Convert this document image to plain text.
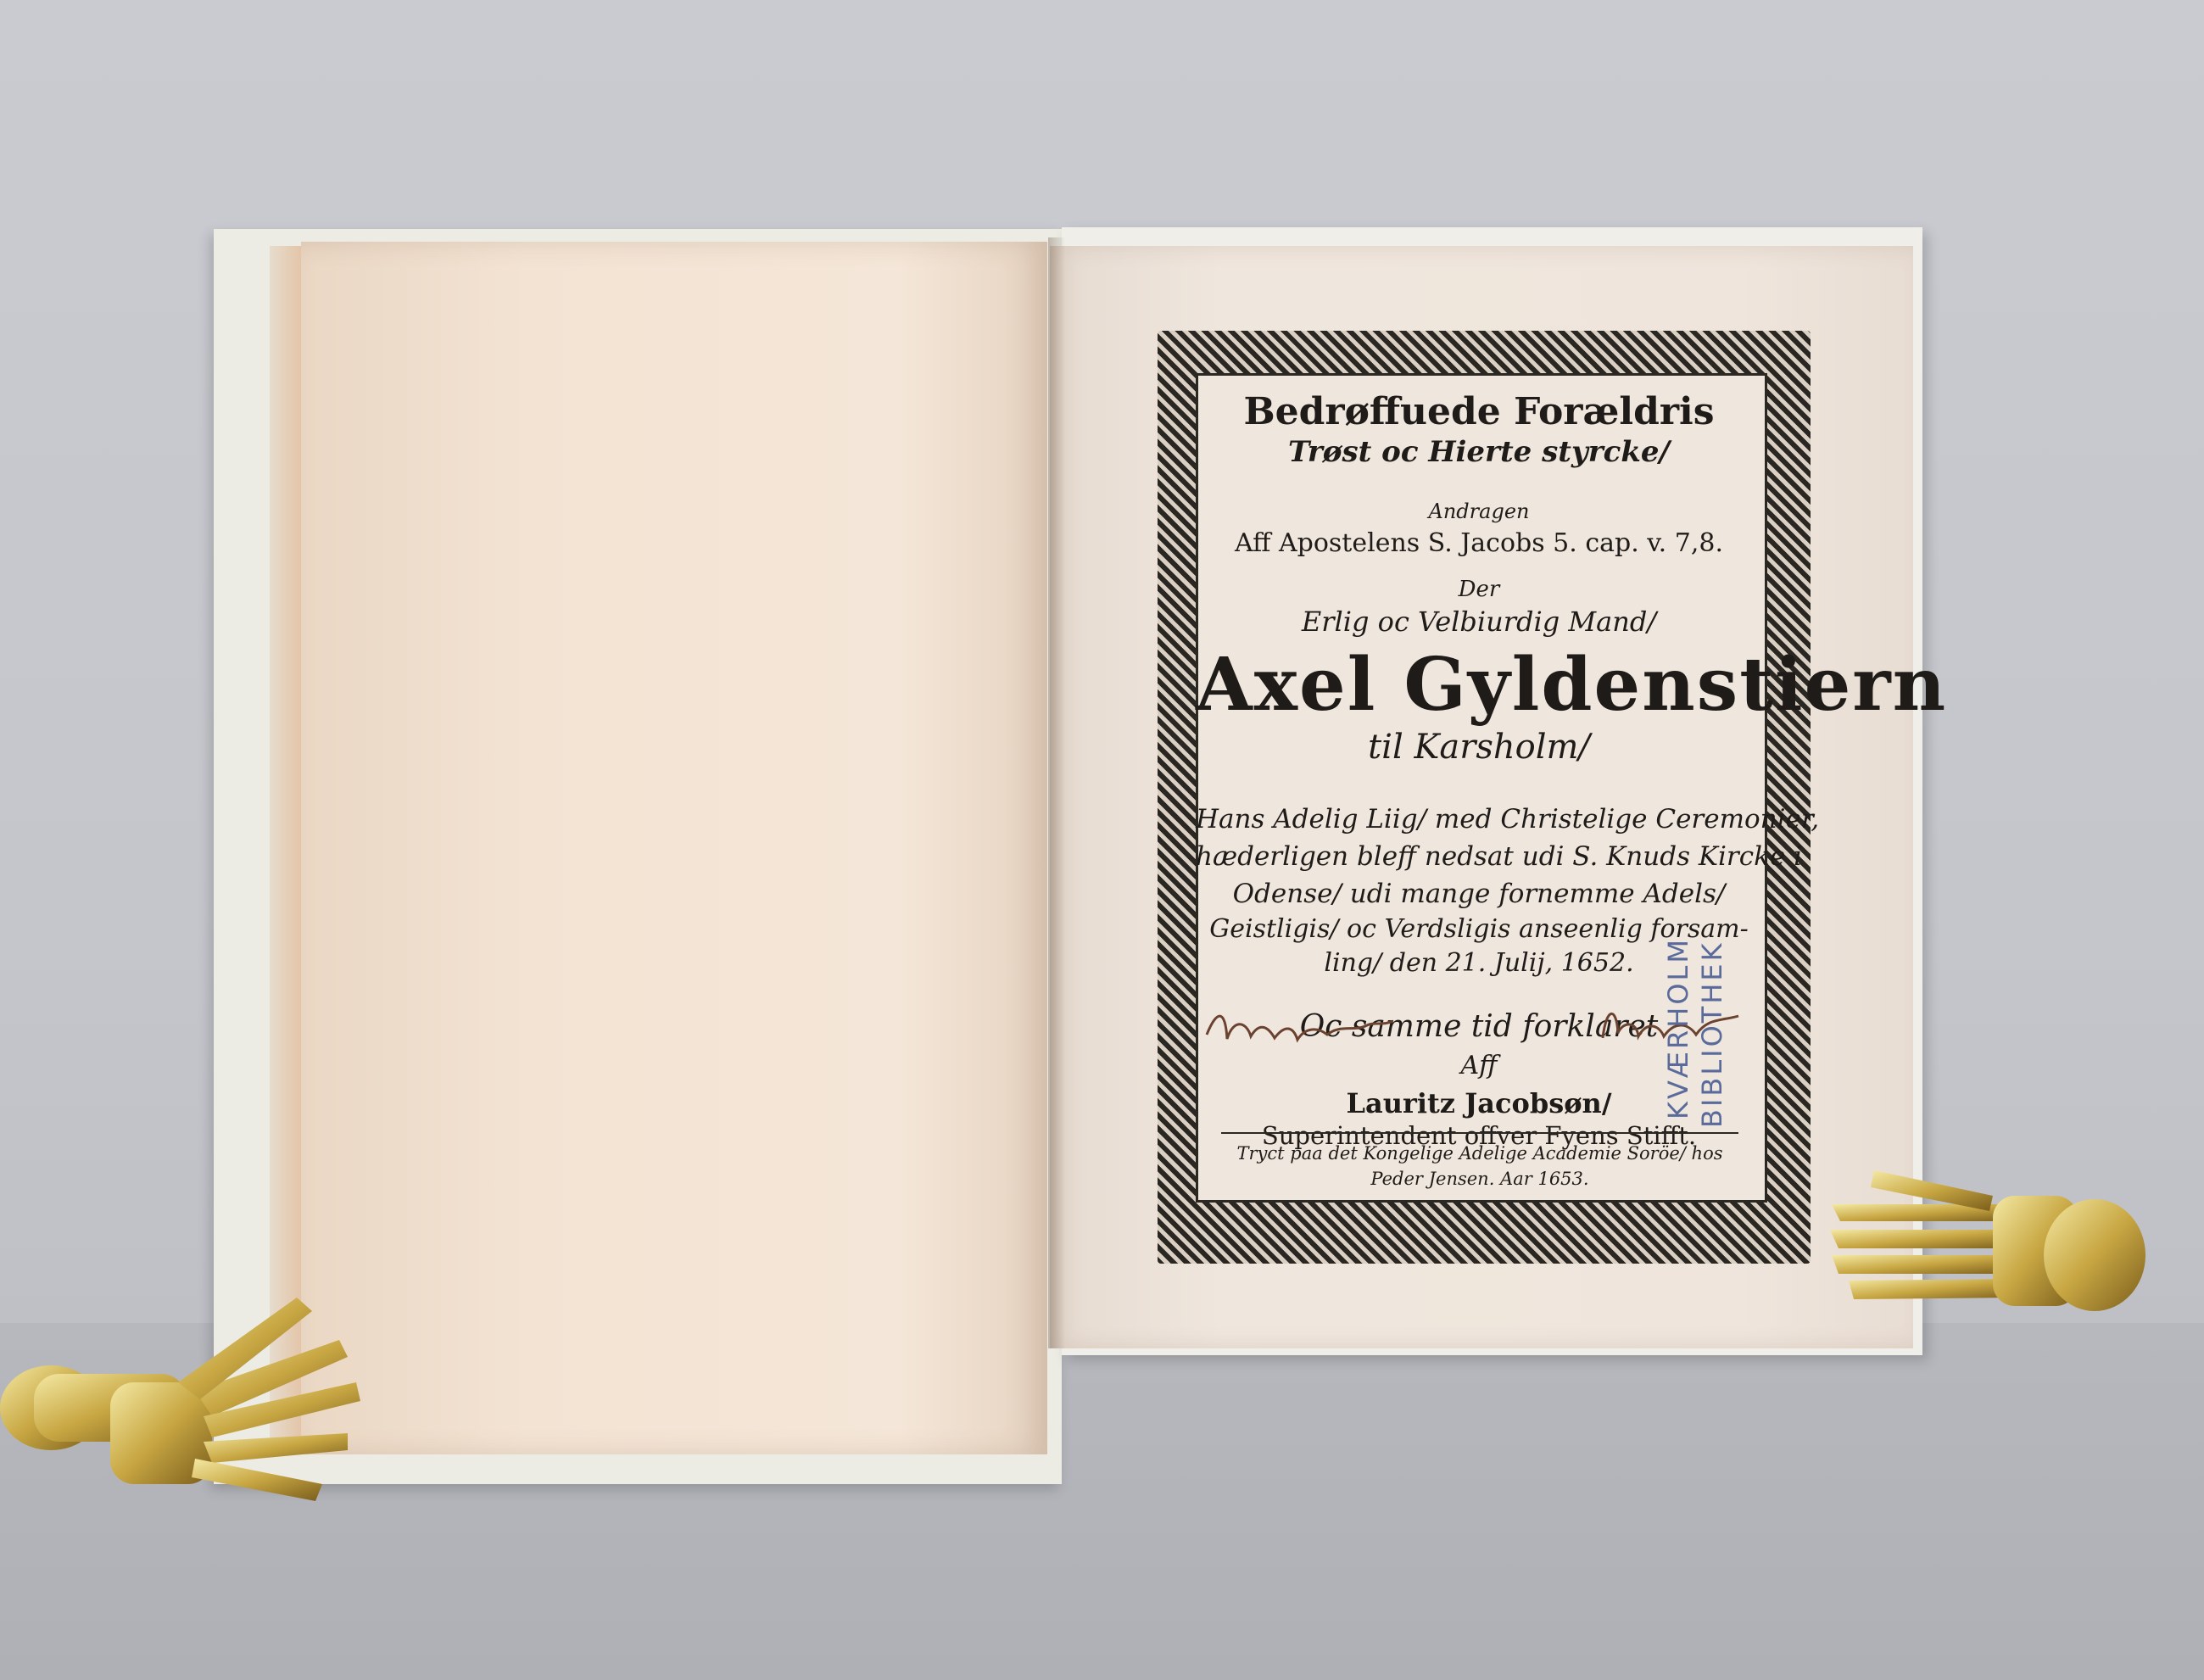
Bedrøffuede Forældris
Trøst oc Hierte styrcke/
Andragen
Aff Apostelens S. Jacobs 5. cap. v. 7,8.
Der
Erlig oc Velbiurdig Mand/
Axel Gyldenstiern
til Karsholm/
Hans Adelig Liig/ med Christelige Ceremonier,
hæderligen bleff nedsat udi S. Knuds Kircke i
Odense/ udi mange fornemme Adels/
Geistligis/ oc Verdsligis anseenlig forsam-
ling/ den 21. Julij, 1652.
Oc samme tid forklaret
Aff
Lauritz Jacobsøn/
Superintendent offver Fyens Stifft.
Tryct paa det Kongelige Adelige Academie Soröe/ hos
Peder Jensen. Aar 1653.
KVÆRHOLM BIBLIOTHEK
